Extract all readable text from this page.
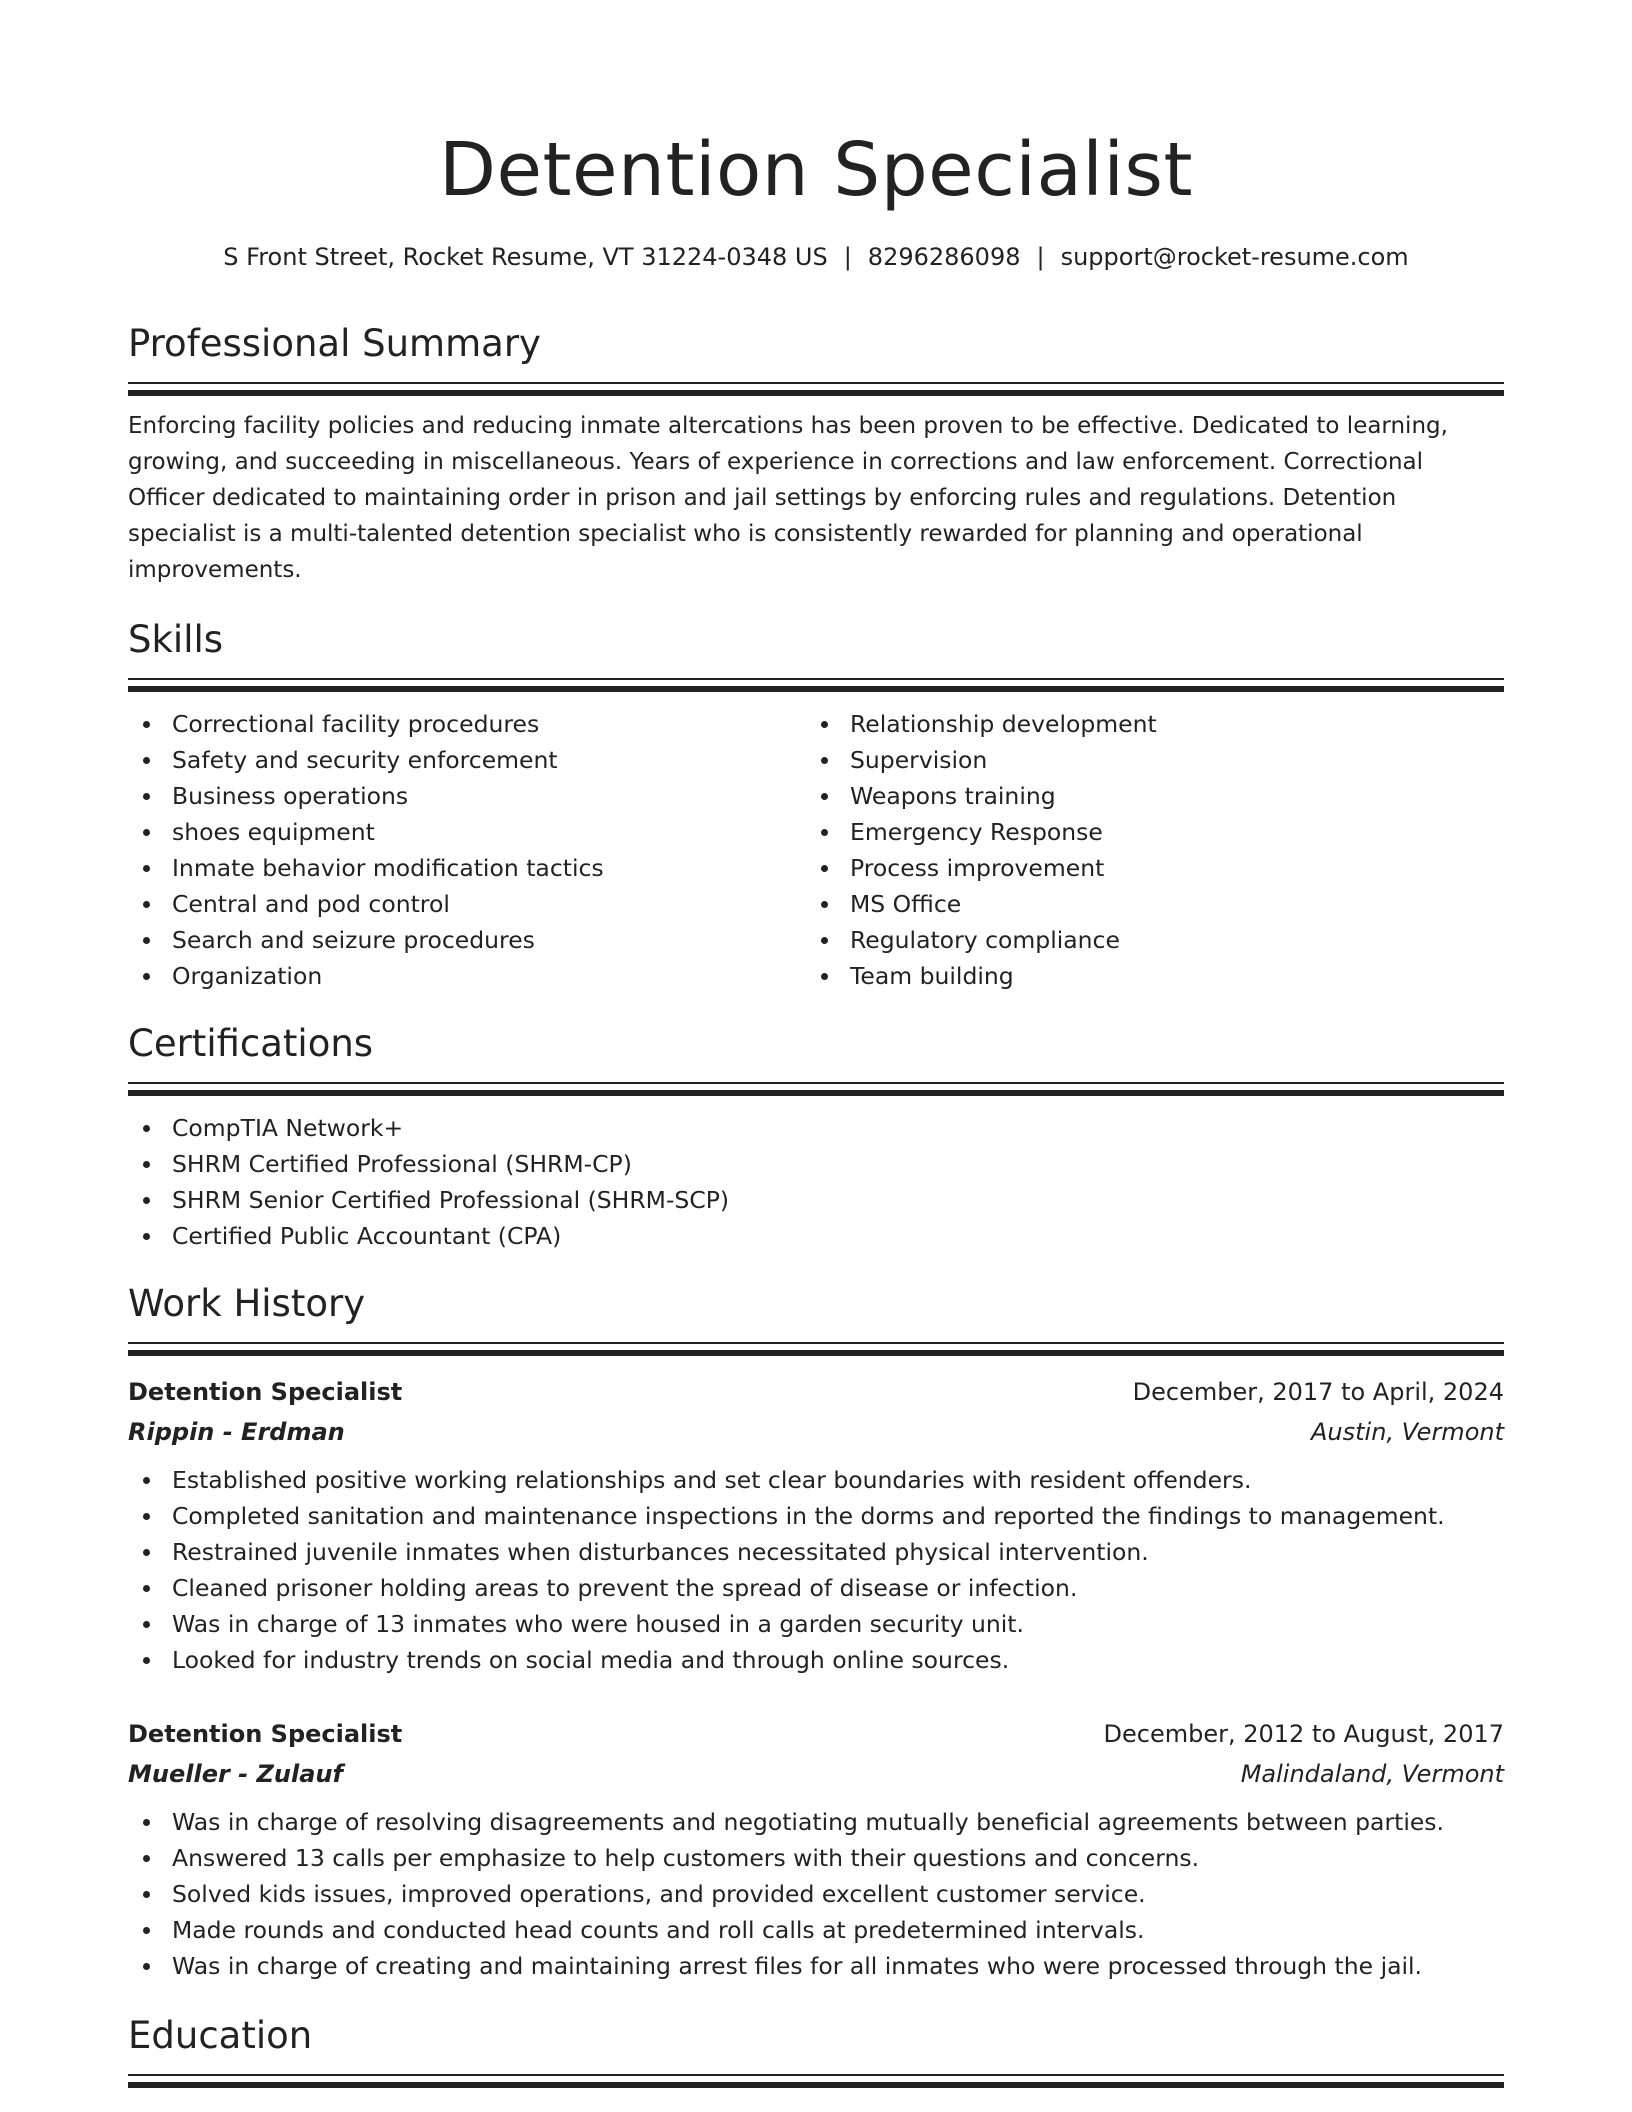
Detention Specialist
S Front Street, Rocket Resume, VT 31224-0348 US | 8296286098 | support@rocket-resume.com
Professional Summary

Enforcing facility policies and reducing inmate altercations has been proven to be effective. Dedicated to learning, growing, and succeeding in miscellaneous. Years of experience in corrections and law enforcement. Correctional Officer dedicated to maintaining order in prison and jail settings by enforcing rules and regulations. Detention specialist is a multi-talented detention specialist who is consistently rewarded for planning and operational improvements.

Skills
Correctional facility procedures
Safety and security enforcement
Business operations
shoes equipment
Inmate behavior modification tactics
Central and pod control
Search and seizure procedures
Organization
Relationship development
Supervision
Weapons training
Emergency Response
Process improvement
MS Office
Regulatory compliance
Team building
Certifications
CompTIA Network+
SHRM Certified Professional (SHRM-CP)
SHRM Senior Certified Professional (SHRM-SCP)
Certified Public Accountant (CPA)
Work History
Detention Specialist	December, 2017 to April, 2024
Rippin - Erdman	Austin, Vermont
Established positive working relationships and set clear boundaries with resident offenders.
Completed sanitation and maintenance inspections in the dorms and reported the findings to management.
Restrained juvenile inmates when disturbances necessitated physical intervention.
Cleaned prisoner holding areas to prevent the spread of disease or infection.
Was in charge of 13 inmates who were housed in a garden security unit.
Looked for industry trends on social media and through online sources.
Detention Specialist	December, 2012 to August, 2017
Mueller - Zulauf	Malindaland, Vermont
Was in charge of resolving disagreements and negotiating mutually beneficial agreements between parties.
Answered 13 calls per emphasize to help customers with their questions and concerns.
Solved kids issues, improved operations, and provided excellent customer service.
Made rounds and conducted head counts and roll calls at predetermined intervals.
Was in charge of creating and maintaining arrest files for all inmates who were processed through the jail.
Education
